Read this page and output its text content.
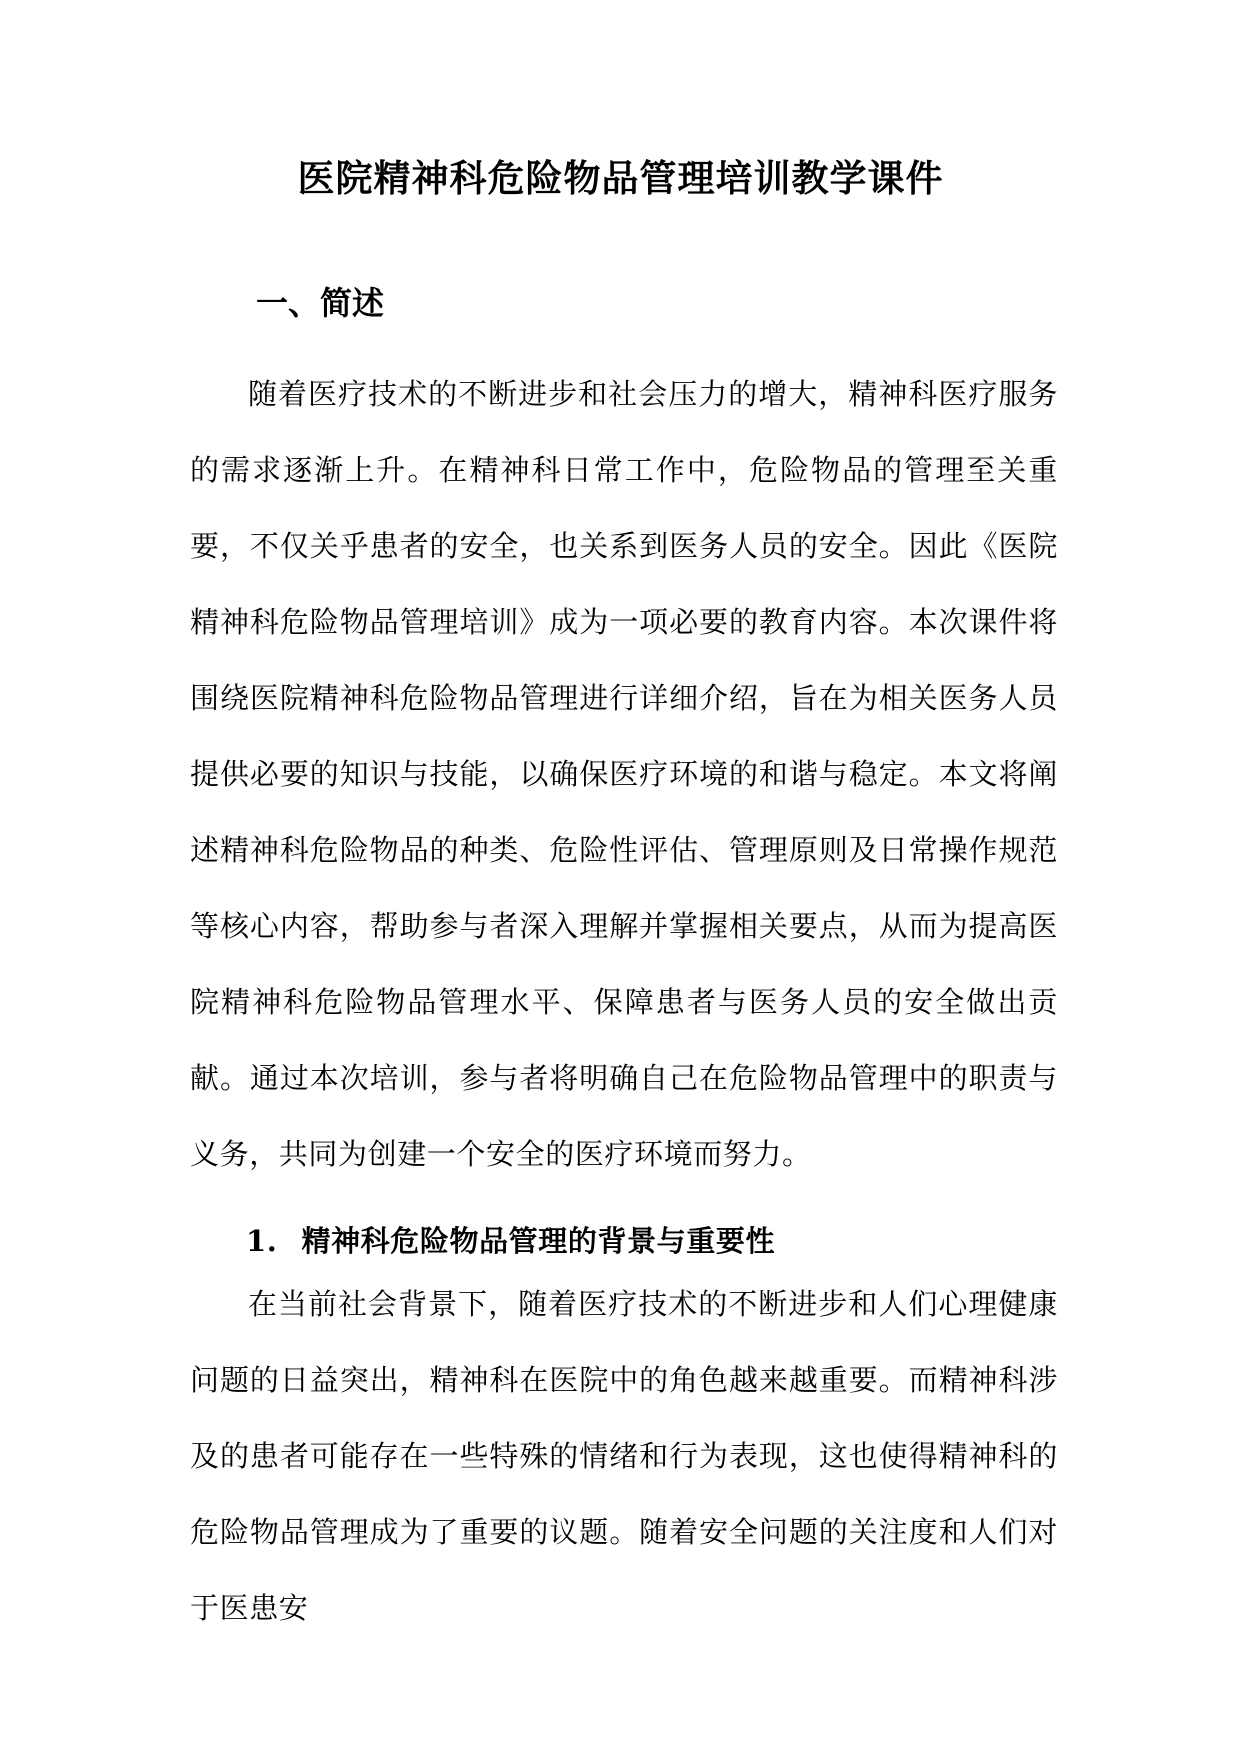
医院精神科危险物品管理培训教学课件
一、简述

随着医疗技术的不断进步和社会压力的增大，精神科医疗服务的需求逐渐上升。在精神科日常工作中，危险物品的管理至关重要，不仅关乎患者的安全，也关系到医务人员的安全。因此《医院精神科危险物品管理培训》成为一项必要的教育内容。本次课件将围绕医院精神科危险物品管理进行详细介绍，旨在为相关医务人员提供必要的知识与技能，以确保医疗环境的和谐与稳定。本文将阐述精神科危险物品的种类、危险性评估、管理原则及日常操作规范等核心内容，帮助参与者深入理解并掌握相关要点，从而为提高医院精神科危险物品管理水平、保障患者与医务人员的安全做出贡献。通过本次培训，参与者将明确自己在危险物品管理中的职责与义务，共同为创建一个安全的医疗环境而努力。

1. 精神科危险物品管理的背景与重要性

在当前社会背景下，随着医疗技术的不断进步和人们心理健康问题的日益突出，精神科在医院中的角色越来越重要。而精神科涉及的患者可能存在一些特殊的情绪和行为表现，这也使得精神科的危险物品管理成为了重要的议题。随着安全问题的关注度和人们对于医患安
